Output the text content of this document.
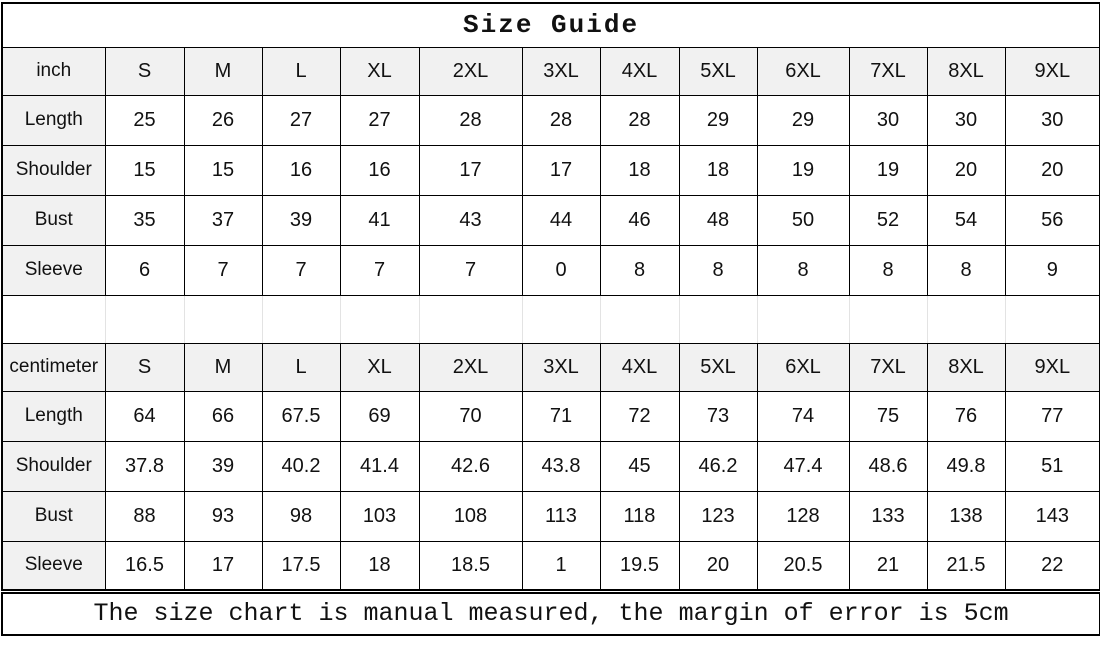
Size Guide												
inch	S	M	L	XL	2XL	3XL	4XL	5XL	6XL	7XL	8XL	9XL
Length	25	26	27	27	28	28	28	29	29	30	30	30
Shoulder	15	15	16	16	17	17	18	18	19	19	20	20
Bust	35	37	39	41	43	44	46	48	50	52	54	56
Sleeve	6	7	7	7	7	0	8	8	8	8	8	9

centimeter	S	M	L	XL	2XL	3XL	4XL	5XL	6XL	7XL	8XL	9XL
Length	64	66	67.5	69	70	71	72	73	74	75	76	77
Shoulder	37.8	39	40.2	41.4	42.6	43.8	45	46.2	47.4	48.6	49.8	51
Bust	88	93	98	103	108	113	118	123	128	133	138	143
Sleeve	16.5	17	17.5	18	18.5	1	19.5	20	20.5	21	21.5	22
The size chart is manual measured, the margin of error is 5cm												
